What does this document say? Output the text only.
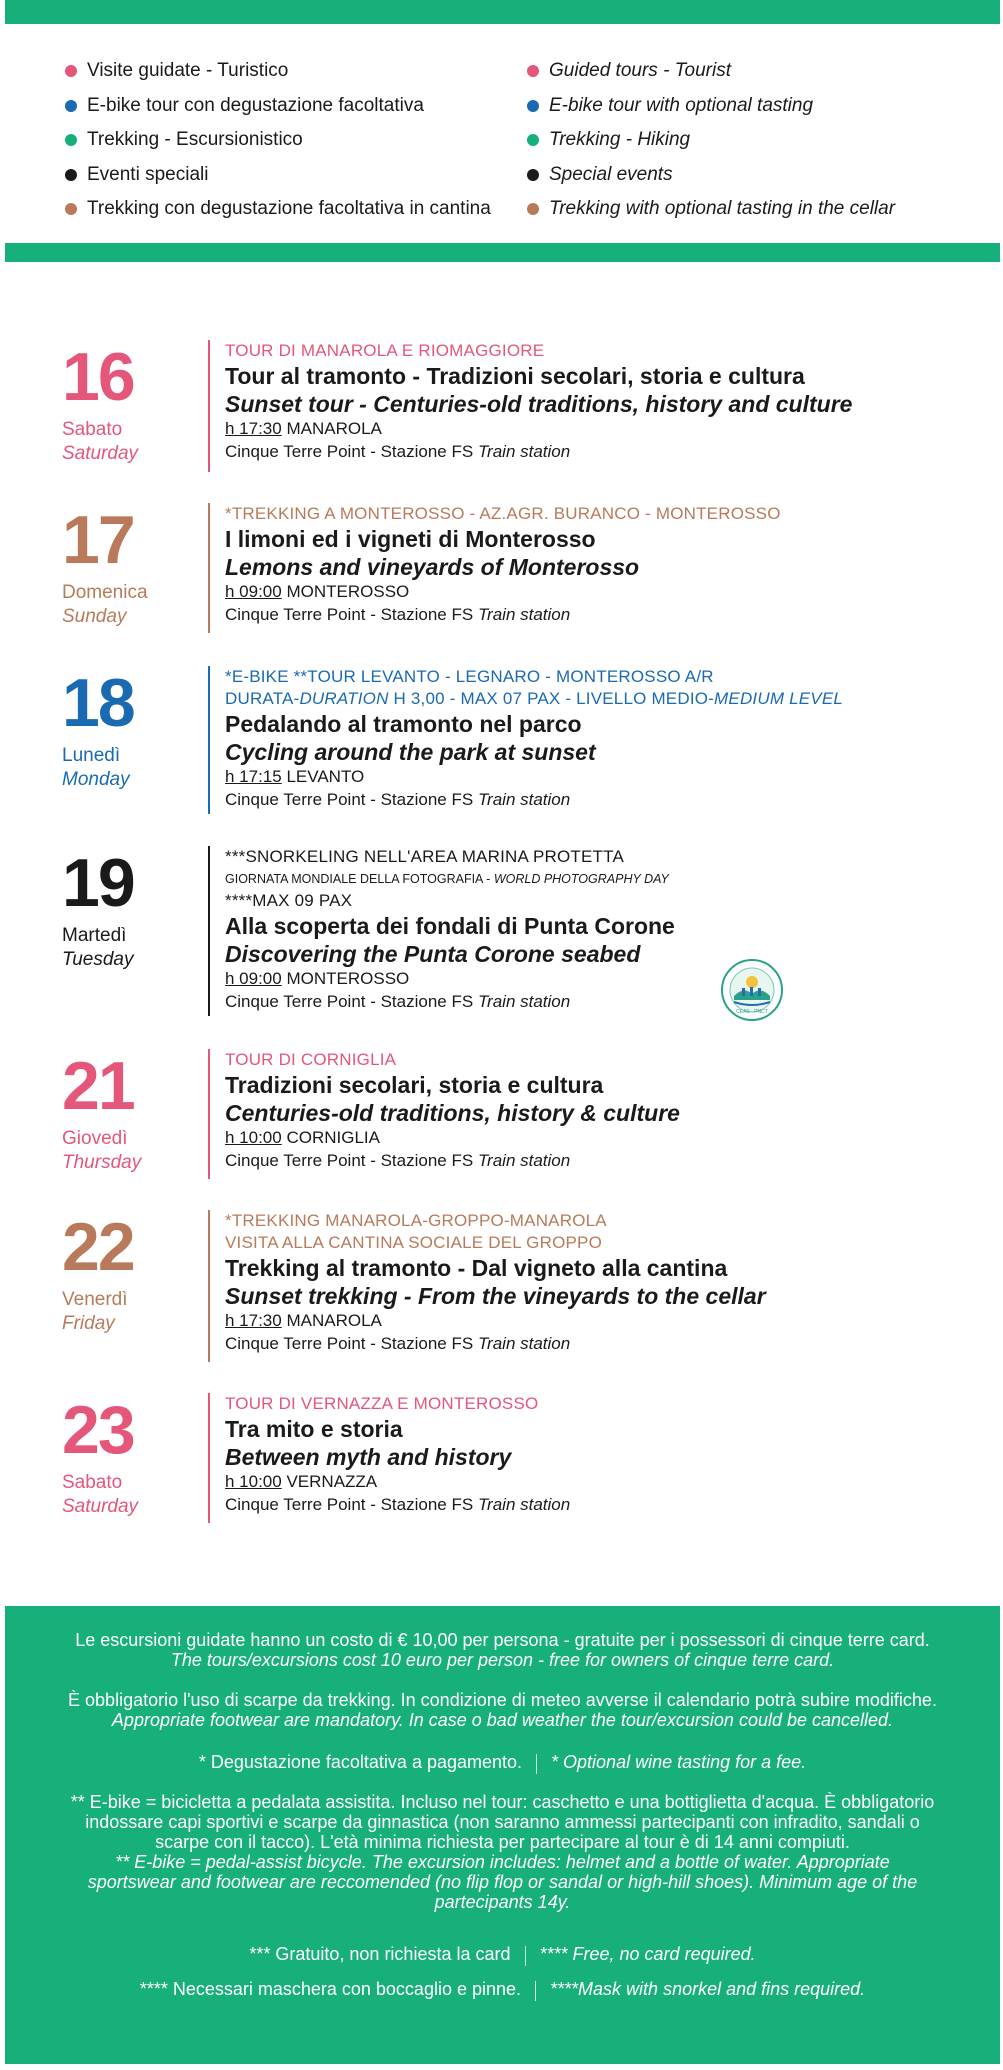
Visite guidate - Turistico
E-bike tour con degustazione facoltativa
Trekking - Escursionistico
Eventi speciali
Trekking con degustazione facoltativa in cantina
Guided tours - Tourist
E-bike tour with optional tasting
Trekking - Hiking
Special events
Trekking with optional tasting in the cellar
16
Sabato
Saturday
TOUR DI MANAROLA E RIOMAGGIORE
Tour al tramonto - Tradizioni secolari, storia e cultura
Sunset tour - Centuries-old traditions, history and culture
h 17:30 MANAROLA
Cinque Terre Point - Stazione FS Train station
17
Domenica
Sunday
*TREKKING A MONTEROSSO - AZ.AGR. BURANCO - MONTEROSSO
I limoni ed i vigneti di Monterosso
Lemons and vineyards of Monterosso
h 09:00 MONTEROSSO
Cinque Terre Point - Stazione FS Train station
18
Lunedì
Monday
*E-BIKE **TOUR LEVANTO - LEGNARO - MONTEROSSO A/R
DURATA-DURATION H 3,00 - MAX 07 PAX - LIVELLO MEDIO-MEDIUM LEVEL
Pedalando al tramonto nel parco
Cycling around the park at sunset
h 17:15 LEVANTO
Cinque Terre Point - Stazione FS Train station
19
Martedì
Tuesday
***SNORKELING NELL'AREA MARINA PROTETTA
GIORNATA MONDIALE DELLA FOTOGRAFIA - WORLD PHOTOGRAPHY DAY
****MAX 09 PAX
Alla scoperta dei fondali di Punta Corone
Discovering the Punta Corone seabed
h 09:00 MONTEROSSO
Cinque Terre Point - Stazione FS Train station
CEAS - PNCT
21
Giovedì
Thursday
TOUR DI CORNIGLIA
Tradizioni secolari, storia e cultura
Centuries-old traditions, history & culture
h 10:00 CORNIGLIA
Cinque Terre Point - Stazione FS Train station
22
Venerdì
Friday
*TREKKING MANAROLA-GROPPO-MANAROLA
VISITA ALLA CANTINA SOCIALE DEL GROPPO
Trekking al tramonto - Dal vigneto alla cantina
Sunset trekking - From the vineyards to the cellar
h 17:30 MANAROLA
Cinque Terre Point - Stazione FS Train station
23
Sabato
Saturday
TOUR DI VERNAZZA E MONTEROSSO
Tra mito e storia
Between myth and history
h 10:00 VERNAZZA
Cinque Terre Point - Stazione FS Train station
Le escursioni guidate hanno un costo di € 10,00 per persona - gratuite per i possessori di cinque terre card.
The tours/excursions cost 10 euro per person - free for owners of cinque terre card.
È obbligatorio l'uso di scarpe da trekking. In condizione di meteo avverse il calendario potrà subire modifiche.
Appropriate footwear are mandatory. In case o bad weather the tour/excursion could be cancelled.
* Degustazione facoltativa a pagamento. * Optional wine tasting for a fee.
** E-bike = bicicletta a pedalata assistita. Incluso nel tour: caschetto e una bottiglietta d'acqua. È obbligatorio
indossare capi sportivi e scarpe da ginnastica (non saranno ammessi partecipanti con infradito, sandali o
scarpe con il tacco). L'età minima richiesta per partecipare al tour è di 14 anni compiuti.
** E-bike = pedal-assist bicycle. The excursion includes: helmet and a bottle of water. Appropriate
sportswear and footwear are reccomended (no flip flop or sandal or high-hill shoes). Minimum age of the
partecipants 14y.
*** Gratuito, non richiesta la card **** Free, no card required.
**** Necessari maschera con boccaglio e pinne. ****Mask with snorkel and fins required.
